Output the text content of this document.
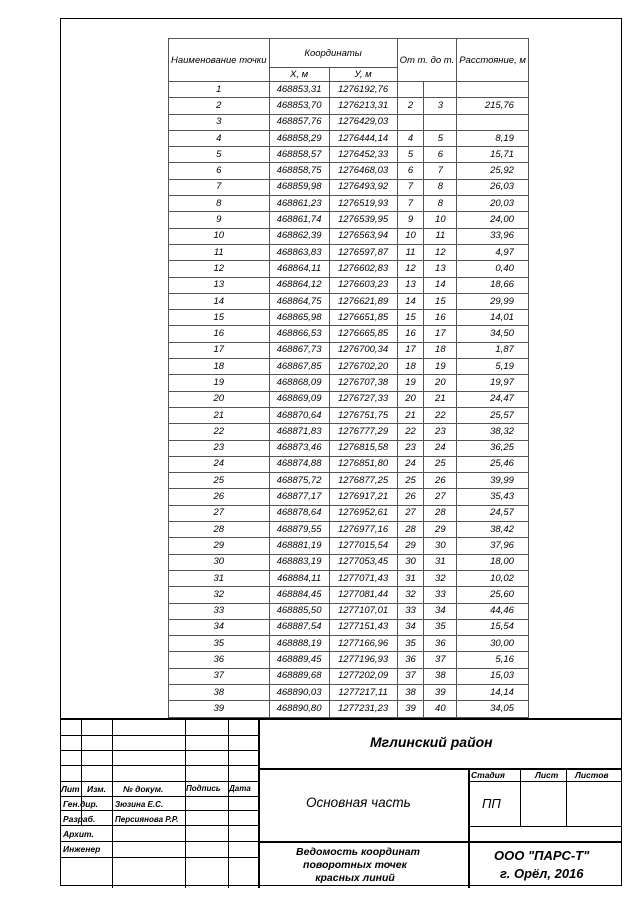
Наименование точки	Координаты		От т. до т.		Расстояние, м
	Х, м	У, м			
1	468853,31	1276192,76			
2	468853,70	1276213,31	2	3	215,76
3	468857,76	1276429,03			
4	468858,29	1276444,14	4	5	8,19
5	468858,57	1276452,33	5	6	15,71
6	468858,75	1276468,03	6	7	25,92
7	468859,98	1276493,92	7	8	26,03
8	468861,23	1276519,93	7	8	20,03
9	468861,74	1276539,95	9	10	24,00
10	468862,39	1276563,94	10	11	33,96
11	468863,83	1276597,87	11	12	4,97
12	468864,11	1276602,83	12	13	0,40
13	468864,12	1276603,23	13	14	18,66
14	468864,75	1276621,89	14	15	29,99
15	468865,98	1276651,85	15	16	14,01
16	468866,53	1276665,85	16	17	34,50
17	468867,73	1276700,34	17	18	1,87
18	468867,85	1276702,20	18	19	5,19
19	468868,09	1276707,38	19	20	19,97
20	468869,09	1276727,33	20	21	24,47
21	468870,64	1276751,75	21	22	25,57
22	468871,83	1276777,29	22	23	38,32
23	468873,46	1276815,58	23	24	36,25
24	468874,88	1276851,80	24	25	25,46
25	468875,72	1276877,25	25	26	39,99
26	468877,17	1276917,21	26	27	35,43
27	468878,64	1276952,61	27	28	24,57
28	468879,55	1276977,16	28	29	38,42
29	468881,19	1277015,54	29	30	37,96
30	468883,19	1277053,45	30	31	18,00
31	468884,11	1277071,43	31	32	10,02
32	468884,45	1277081,44	32	33	25,60
33	468885,50	1277107,01	33	34	44,46
34	468887,54	1277151,43	34	35	15,54
35	468888,19	1277166,96	35	36	30,00
36	468889,45	1277196,93	36	37	5,16
37	468889,68	1277202,09	37	38	15,03
38	468890,03	1277217,11	38	39	14,14
39	468890,80	1277231,23	39	40	34,05
Лит Изм. № докум.	Подпись Дата
Ген.дир. Зюзина Е.С.
Разраб. Персиянова Р.Р.
Архит.
Инженер
Мглинский район
Основная часть
Стадия	Лист Листов
ПП
Ведомость координат
поворотных точек
красных линий
ООО "ПАРС-Т"
г. Орёл, 2016
